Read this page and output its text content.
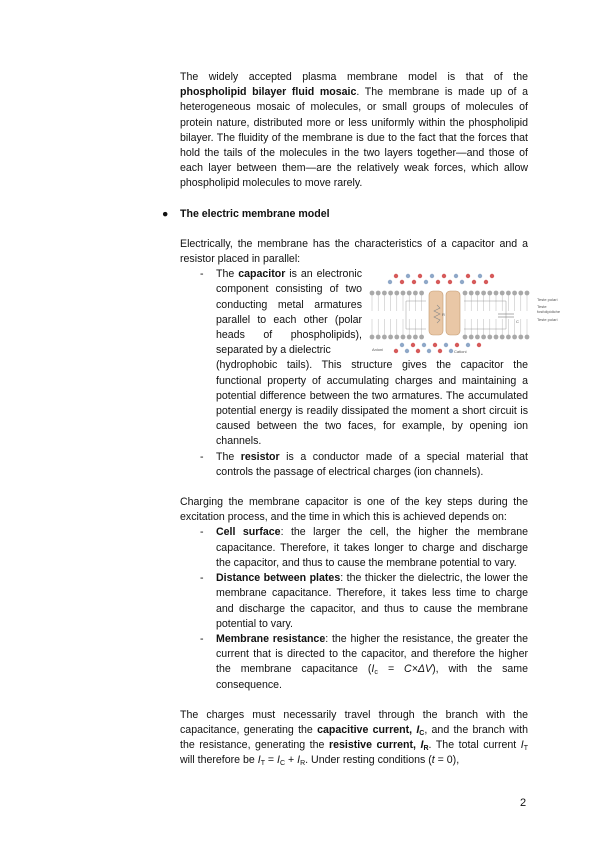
The widely accepted plasma membrane model is that of the phospholipid bilayer fluid mosaic. The membrane is made up of a heterogeneous mosaic of molecules, or small groups of molecules of protein nature, distributed more or less uniformly within the phospholipid bilayer. The fluidity of the membrane is due to the fact that the forces that hold the tails of the molecules in the two layers together—and those of each layer between them—are the relatively weak forces, which allow phospholipid molecules to move rarely.

● The electric membrane model

Electrically, the membrane has the characteristics of a capacitor and a resistor placed in parallel:

- The capacitor is an electronic component consisting of two conducting metal armatures parallel to each other (polar heads of phospholipids), separated by a dielectric

R
C
Teste polari
Teste
fosfolipidiche
Teste polari
Anioni	Cationi

(hydrophobic tails). This structure gives the capacitor the functional property of accumulating charges and maintaining a potential difference between the two armatures. The accumulated potential energy is readily dissipated the moment a short circuit is caused between the two faces, for example, by opening ion channels.

- The resistor is a conductor made of a special material that controls the passage of electrical charges (ion channels).

Charging the membrane capacitor is one of the key steps during the excitation process, and the time in which this is achieved depends on:

- Cell surface: the larger the cell, the higher the membrane capacitance. Therefore, it takes longer to charge and discharge the capacitor, and thus to cause the membrane potential to vary.

- Distance between plates: the thicker the dielectric, the lower the membrane capacitance. Therefore, it takes less time to charge and discharge the capacitor, and thus to cause the membrane potential to vary.

- Membrane resistance: the higher the resistance, the greater the current that is directed to the capacitor, and therefore the higher the membrane capacitance $(I_c = C\times\Delta V)$, with the same consequence.

The charges must necessarily travel through the branch with the capacitance, generating the capacitive current, $I_C$, and the branch with the resistance, generating the resistive current, $I_R$. The total current $I_T$ will therefore be $I_T = I_C + I_R$. Under resting conditions (t = 0),

2
